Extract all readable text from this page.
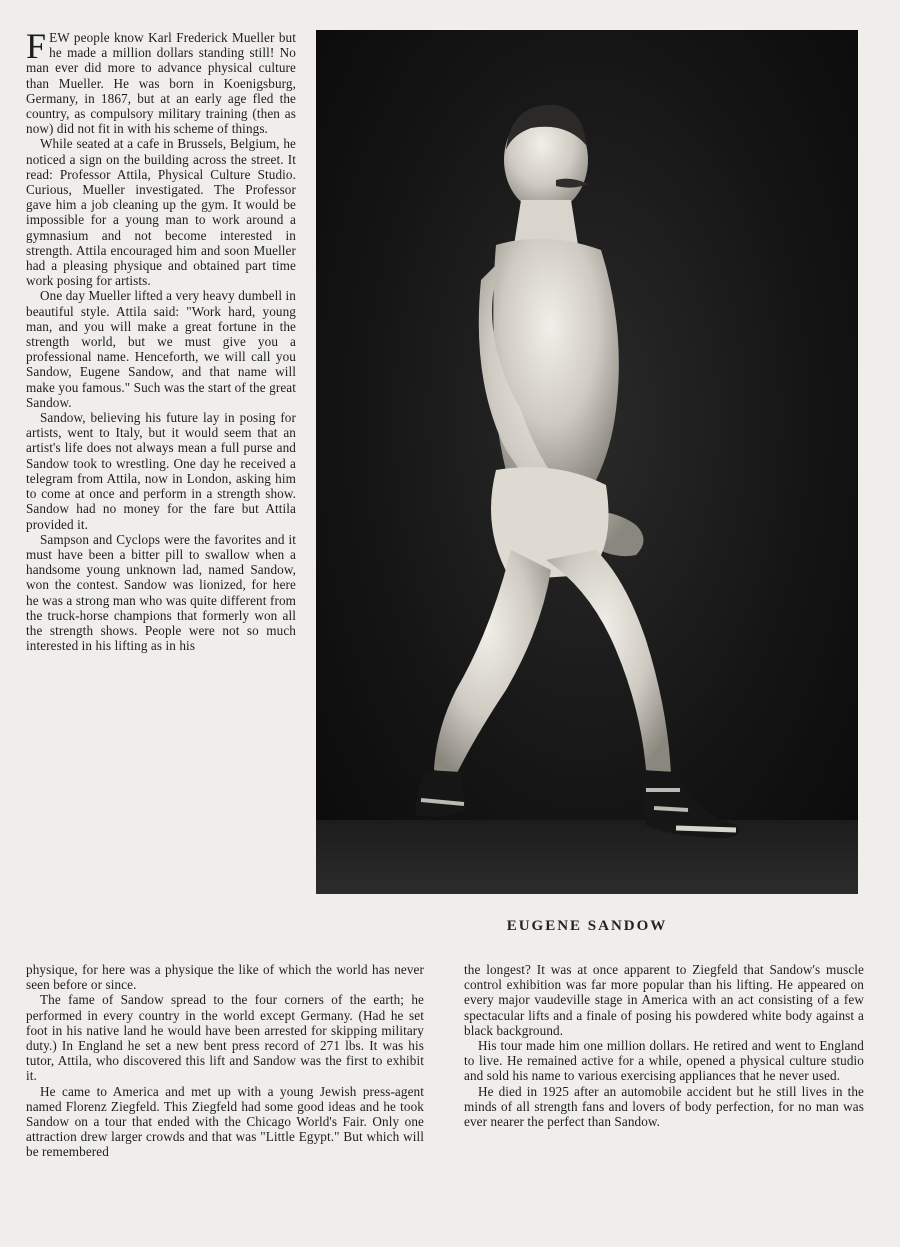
FEW people know Karl Frederick Mueller but he made a million dollars standing still! No man ever did more to advance physical culture than Mueller. He was born in Koenigsburg, Germany, in 1867, but at an early age fled the country, as compulsory military training (then as now) did not fit in with his scheme of things.

While seated at a cafe in Brussels, Belgium, he noticed a sign on the building across the street. It read: Professor Attila, Physical Culture Studio. Curious, Mueller investigated. The Professor gave him a job cleaning up the gym. It would be impossible for a young man to work around a gymnasium and not become interested in strength. Attila encouraged him and soon Mueller had a pleasing physique and obtained part time work posing for artists.

One day Mueller lifted a very heavy dumbell in beautiful style. Attila said: "Work hard, young man, and you will make a great fortune in the strength world, but we must give you a professional name. Henceforth, we will call you Sandow, Eugene Sandow, and that name will make you famous." Such was the start of the great Sandow.

Sandow, believing his future lay in posing for artists, went to Italy, but it would seem that an artist's life does not always mean a full purse and Sandow took to wrestling. One day he received a telegram from Attila, now in London, asking him to come at once and perform in a strength show. Sandow had no money for the fare but Attila provided it.

Sampson and Cyclops were the favorites and it must have been a bitter pill to swallow when a handsome young unknown lad, named Sandow, won the contest. Sandow was lionized, for here he was a strong man who was quite different from the truck-horse champions that formerly won all the strength shows. People were not so much interested in his lifting as in his

EUGENE SANDOW

physique, for here was a physique the like of which the world has never seen before or since.

The fame of Sandow spread to the four corners of the earth; he performed in every country in the world except Germany. (Had he set foot in his native land he would have been arrested for skipping military duty.) In England he set a new bent press record of 271 lbs. It was his tutor, Attila, who discovered this lift and Sandow was the first to exhibit it.

He came to America and met up with a young Jewish press-agent named Florenz Ziegfeld. This Ziegfeld had some good ideas and he took Sandow on a tour that ended with the Chicago World's Fair. Only one attraction drew larger crowds and that was "Little Egypt." But which will be remembered

the longest? It was at once apparent to Ziegfeld that Sandow's muscle control exhibition was far more popular than his lifting. He appeared on every major vaudeville stage in America with an act consisting of a few spectacular lifts and a finale of posing his powdered white body against a black background.

His tour made him one million dollars. He retired and went to England to live. He remained active for a while, opened a physical culture studio and sold his name to various exercising appliances that he never used.

He died in 1925 after an automobile accident but he still lives in the minds of all strength fans and lovers of body perfection, for no man was ever nearer the perfect than Sandow.
